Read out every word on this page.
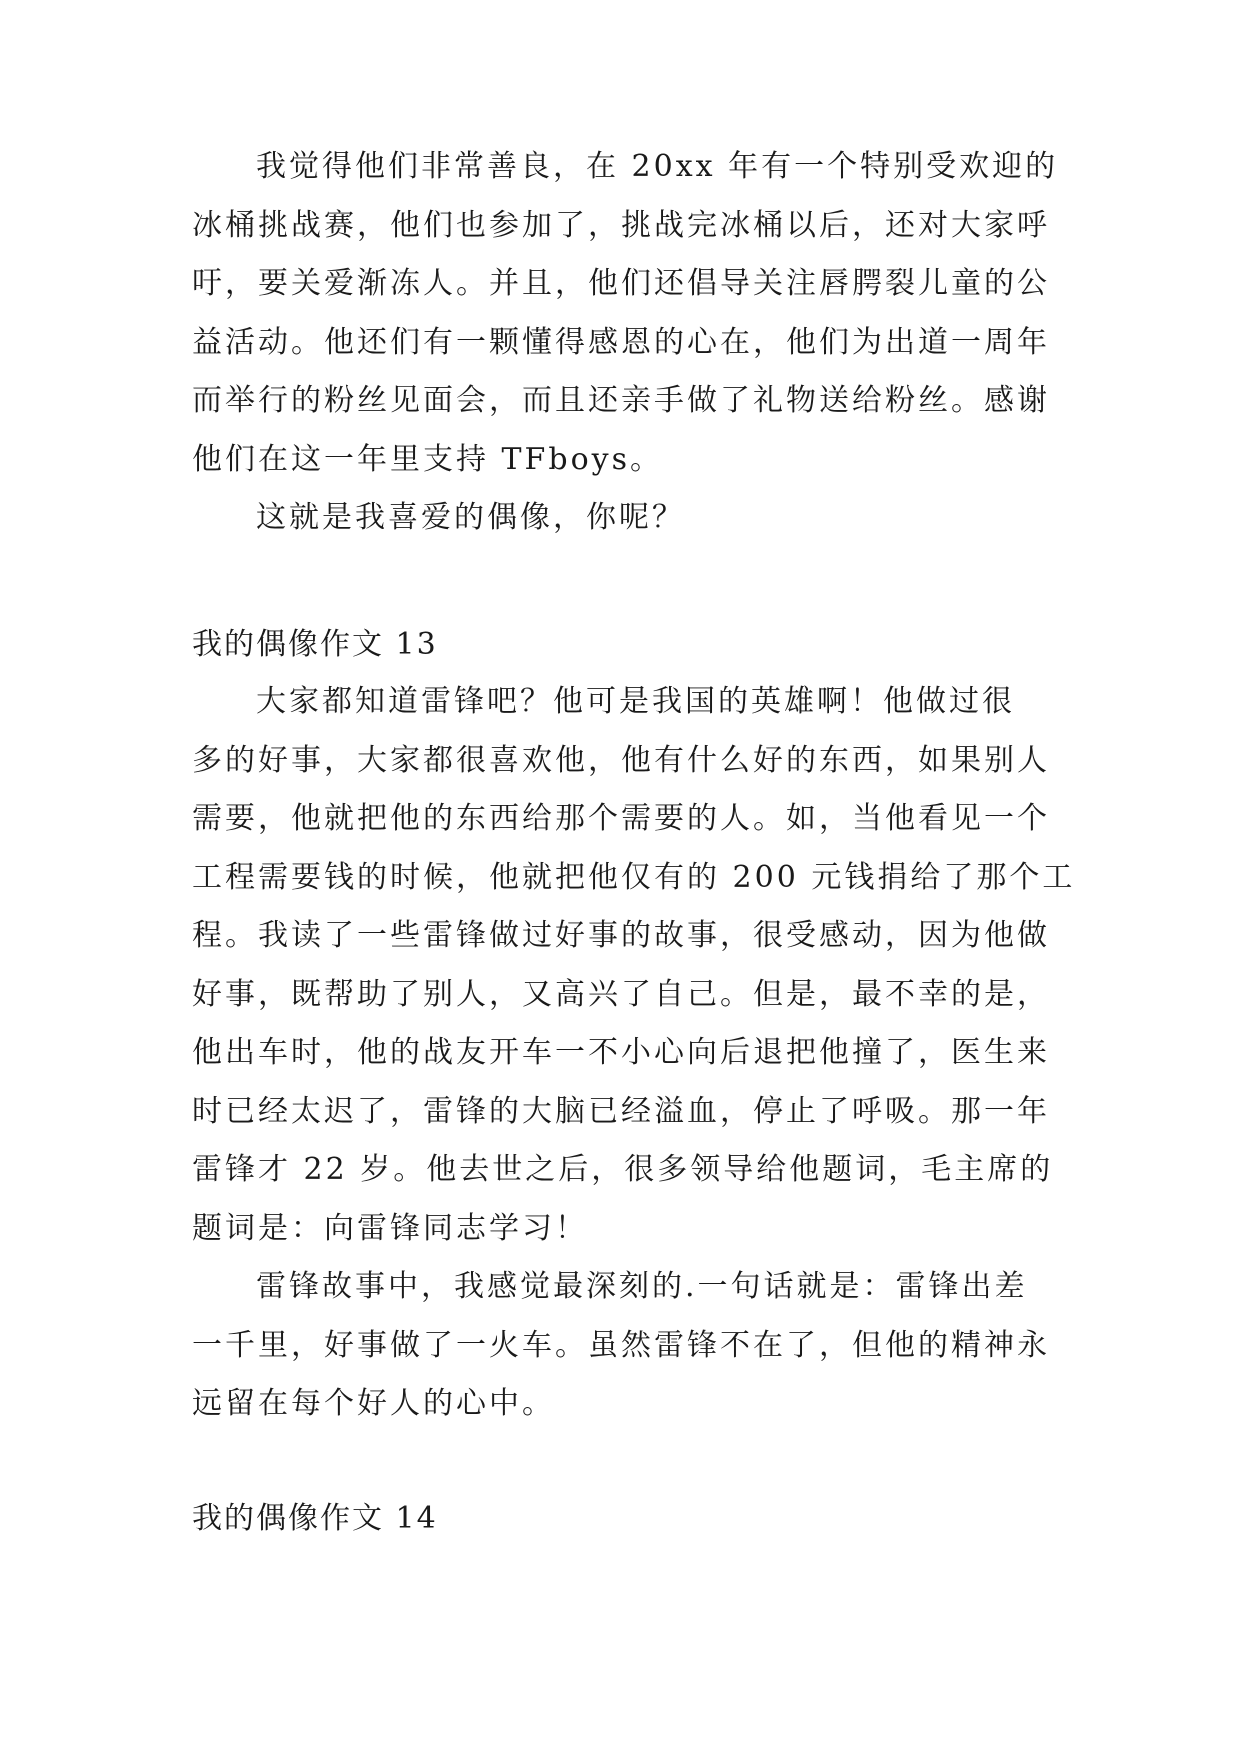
我觉得他们非常善良，在 20xx 年有一个特别受欢迎的
冰桶挑战赛，他们也参加了，挑战完冰桶以后，还对大家呼
吁，要关爱渐冻人。并且，他们还倡导关注唇腭裂儿童的公
益活动。他还们有一颗懂得感恩的心在，他们为出道一周年
而举行的粉丝见面会，而且还亲手做了礼物送给粉丝。感谢
他们在这一年里支持 TFboys。
这就是我喜爱的偶像，你呢？
我的偶像作文 13
大家都知道雷锋吧？他可是我国的英雄啊！他做过很
多的好事，大家都很喜欢他，他有什么好的东西，如果别人
需要，他就把他的东西给那个需要的人。如，当他看见一个
工程需要钱的时候，他就把他仅有的 200 元钱捐给了那个工
程。我读了一些雷锋做过好事的故事，很受感动，因为他做
好事，既帮助了别人，又高兴了自己。但是，最不幸的是，
他出车时，他的战友开车一不小心向后退把他撞了，医生来
时已经太迟了，雷锋的大脑已经溢血，停止了呼吸。那一年
雷锋才 22 岁。他去世之后，很多领导给他题词，毛主席的
题词是：向雷锋同志学习！
雷锋故事中，我感觉最深刻的.一句话就是：雷锋出差
一千里，好事做了一火车。虽然雷锋不在了，但他的精神永
远留在每个好人的心中。
我的偶像作文 14
